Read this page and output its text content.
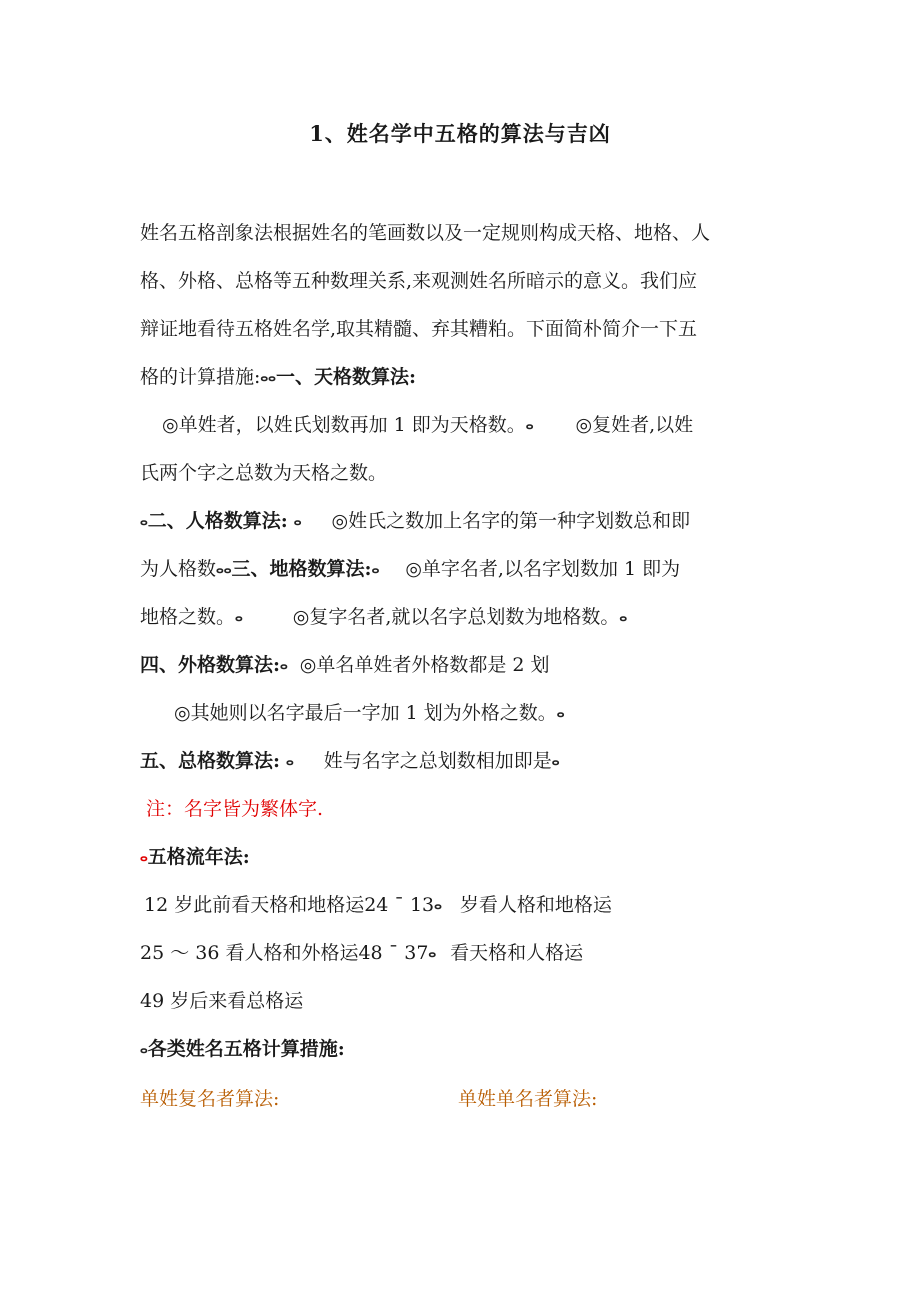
1、姓名学中五格的算法与吉凶
姓名五格剖象法根据姓名的笔画数以及一定规则构成天格、地格、人
格、外格、总格等五种数理关系,来观测姓名所暗示的意义。我们应
辩证地看待五格姓名学,取其精髓、弃其糟粕。下面简朴简介一下五
格的计算措施:ⴰⴰ一、天格数算法:
◎单姓者，以姓氏划数再加 1 即为天格数。ⴰ ◎复姓者,以姓
氏两个字之总数为天格之数。
ⴰ二、人格数算法: ⴰ ◎姓氏之数加上名字的第一种字划数总和即
为人格数ⴰⴰ三、地格数算法:ⴰ ◎单字名者,以名字划数加 1 即为
地格之数。ⴰ	◎复字名者,就以名字总划数为地格数。ⴰ
四、外格数算法:ⴰ ◎单名单姓者外格数都是 2 划
◎其她则以名字最后一字加 1 划为外格之数。ⴰ
五、总格数算法: ⴰ 姓与名字之总划数相加即是ⴰ
注：名字皆为繁体字.
ⴰ五格流年法:
12 岁此前看天格和地格运24 ¯ 13ⴰ 岁看人格和地格运
25 ～ 36 看人格和外格运48 ¯ 37ⴰ 看天格和人格运
49 岁后来看总格运
ⴰ各类姓名五格计算措施:
单姓复名者算法:	单姓单名者算法:
